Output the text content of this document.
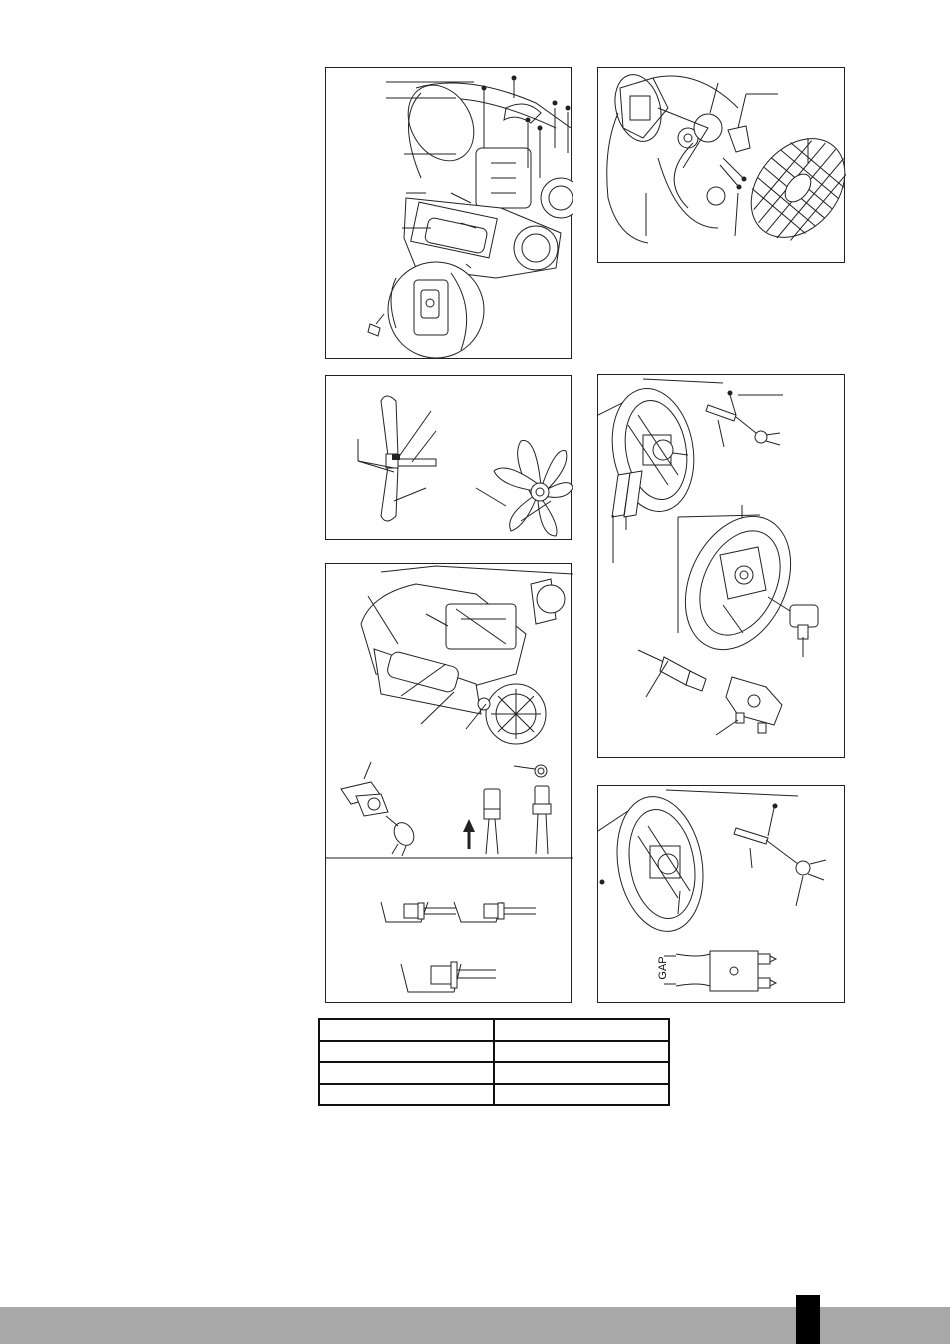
GAP
